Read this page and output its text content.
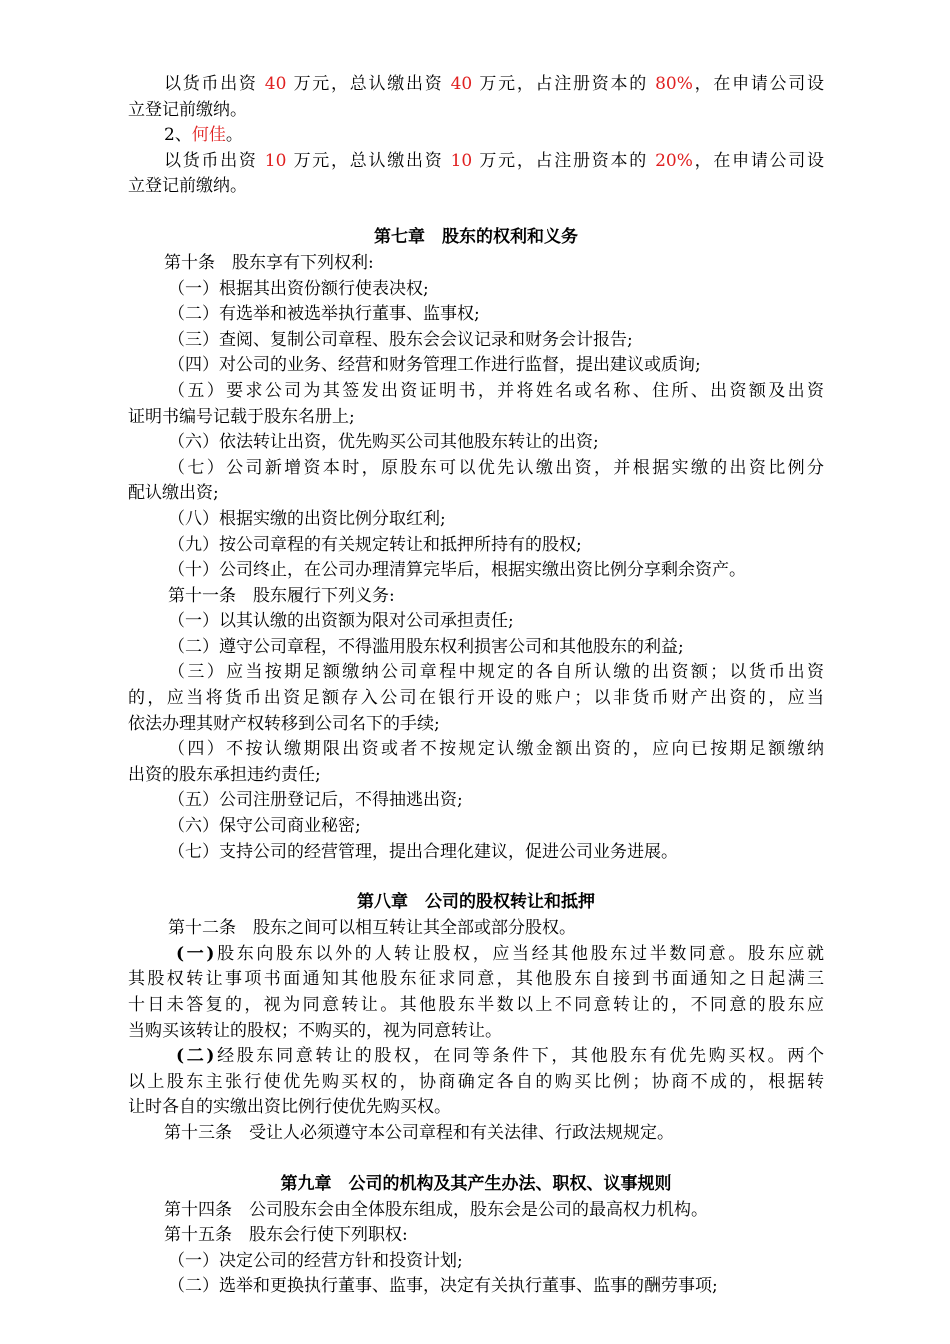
以货币出资 40 万元，总认缴出资 40 万元，占注册资本的 80%，在申请公司设
立登记前缴纳。
2、何佳。
以货币出资 10 万元，总认缴出资 10 万元，占注册资本的 20%，在申请公司设
立登记前缴纳。
第七章　股东的权利和义务
第十条　股东享有下列权利:
（一）根据其出资份额行使表决权;
（二）有选举和被选举执行董事、监事权;
（三）查阅、复制公司章程、股东会会议记录和财务会计报告;
（四）对公司的业务、经营和财务管理工作进行监督，提出建议或质询;
（五）要求公司为其签发出资证明书，并将姓名或名称、住所、出资额及出资
证明书编号记载于股东名册上;
（六）依法转让出资，优先购买公司其他股东转让的出资;
（七）公司新增资本时，原股东可以优先认缴出资，并根据实缴的出资比例分
配认缴出资;
（八）根据实缴的出资比例分取红利;
（九）按公司章程的有关规定转让和抵押所持有的股权;
（十）公司终止，在公司办理清算完毕后，根据实缴出资比例分享剩余资产。
第十一条　股东履行下列义务:
（一）以其认缴的出资额为限对公司承担责任;
（二）遵守公司章程，不得滥用股东权利损害公司和其他股东的利益;
（三）应当按期足额缴纳公司章程中规定的各自所认缴的出资额；以货币出资
的，应当将货币出资足额存入公司在银行开设的账户；以非货币财产出资的，应当
依法办理其财产权转移到公司名下的手续;
（四）不按认缴期限出资或者不按规定认缴金额出资的，应向已按期足额缴纳
出资的股东承担违约责任;
（五）公司注册登记后，不得抽逃出资;
（六）保守公司商业秘密;
（七）支持公司的经营管理，提出合理化建议，促进公司业务进展。
第八章　公司的股权转让和抵押
第十二条　股东之间可以相互转让其全部或部分股权。
(一)股东向股东以外的人转让股权，应当经其他股东过半数同意。股东应就
其股权转让事项书面通知其他股东征求同意，其他股东自接到书面通知之日起满三
十日未答复的，视为同意转让。其他股东半数以上不同意转让的，不同意的股东应
当购买该转让的股权；不购买的，视为同意转让。
(二)经股东同意转让的股权，在同等条件下，其他股东有优先购买权。两个
以上股东主张行使优先购买权的，协商确定各自的购买比例；协商不成的，根据转
让时各自的实缴出资比例行使优先购买权。
第十三条　受让人必须遵守本公司章程和有关法律、行政法规规定。
第九章　公司的机构及其产生办法、职权、议事规则
第十四条　公司股东会由全体股东组成，股东会是公司的最高权力机构。
第十五条　股东会行使下列职权:
（一）决定公司的经营方针和投资计划;
（二）选举和更换执行董事、监事，决定有关执行董事、监事的酬劳事项;
